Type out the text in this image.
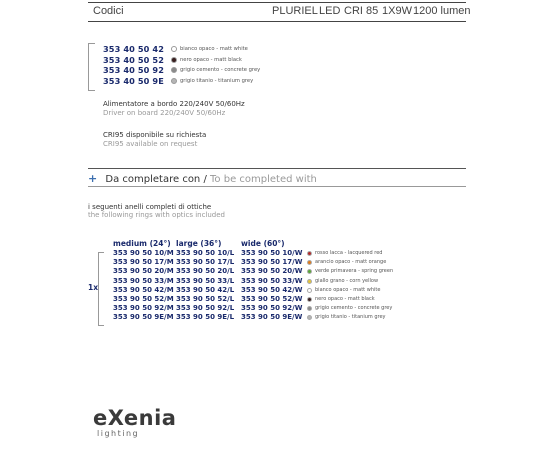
Codici	PLURIEL LED CRI 85 1X9W 1200 lumen
353 40 50 42	bianco opaco - matt white
353 40 50 52	nero opaco - matt black
353 40 50 92	grigio cemento - concrete grey
353 40 50 9E	grigio titanio - titanium grey
Alimentatore a bordo 220/240V 50/60Hz
Driver on board 220/240V 50/60Hz
CRI95 disponibile su richiesta
CRI95 available on request
+ Da completare con / To be completed with
i seguenti anelli completi di ottiche
the following rings with optics included
medium (24°) large (36°)	wide (60°)
1x
353 90 50 10/M 353 90 50 10/L 353 90 50 10/W	rosso lacca - lacquered red
353 90 50 17/M 353 90 50 17/L 353 90 50 17/W	arancio opaco - matt orange
353 90 50 20/M 353 90 50 20/L 353 90 50 20/W	verde primavera - spring green
353 90 50 33/M 353 90 50 33/L 353 90 50 33/W	giallo grano - corn yellow
353 90 50 42/M 353 90 50 42/L 353 90 50 42/W	bianco opaco - matt white
353 90 50 52/M 353 90 50 52/L 353 90 50 52/W	nero opaco - matt black
353 90 50 92/M 353 90 50 92/L 353 90 50 92/W	grigio cemento - concrete grey
353 90 50 9E/M 353 90 50 9E/L 353 90 50 9E/W	grigio titanio - titanium grey
eXenia
lighting
